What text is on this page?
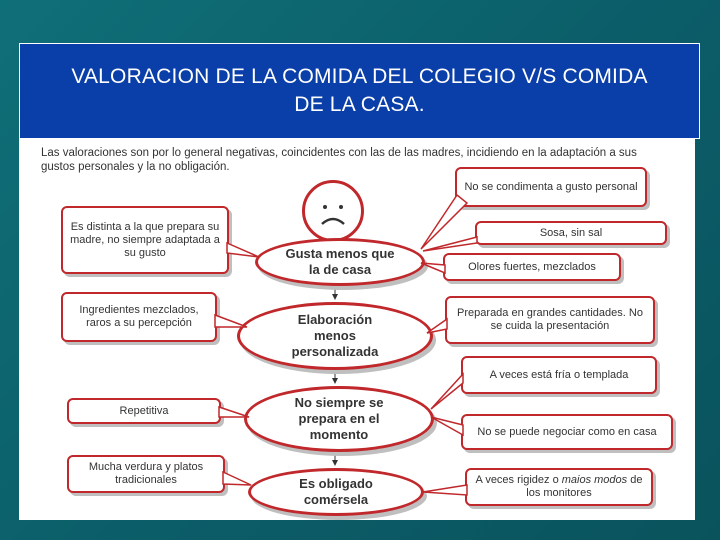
VALORACION DE LA COMIDA DEL COLEGIO V/S COMIDA DE LA CASA.
Las valoraciones son por lo general negativas, coincidentes con las de las madres, incidiendo en la adaptación a sus gustos personales y la no obligación.
Gusta menos que la de casa
Elaboración menos personalizada
No siempre se prepara en el momento
Es obligado comérsela
Es distinta a la que prepara su madre, no siempre adaptada a su gusto
Ingredientes mezclados, raros a su percepción
Repetitiva
Mucha verdura y platos tradicionales
No se condimenta a gusto personal
Sosa, sin sal
Olores fuertes, mezclados
Preparada en grandes cantidades. No se cuida la presentación
A veces está fría o templada
No se puede negociar como en casa
A veces rigidez o maios modos de los monitores
